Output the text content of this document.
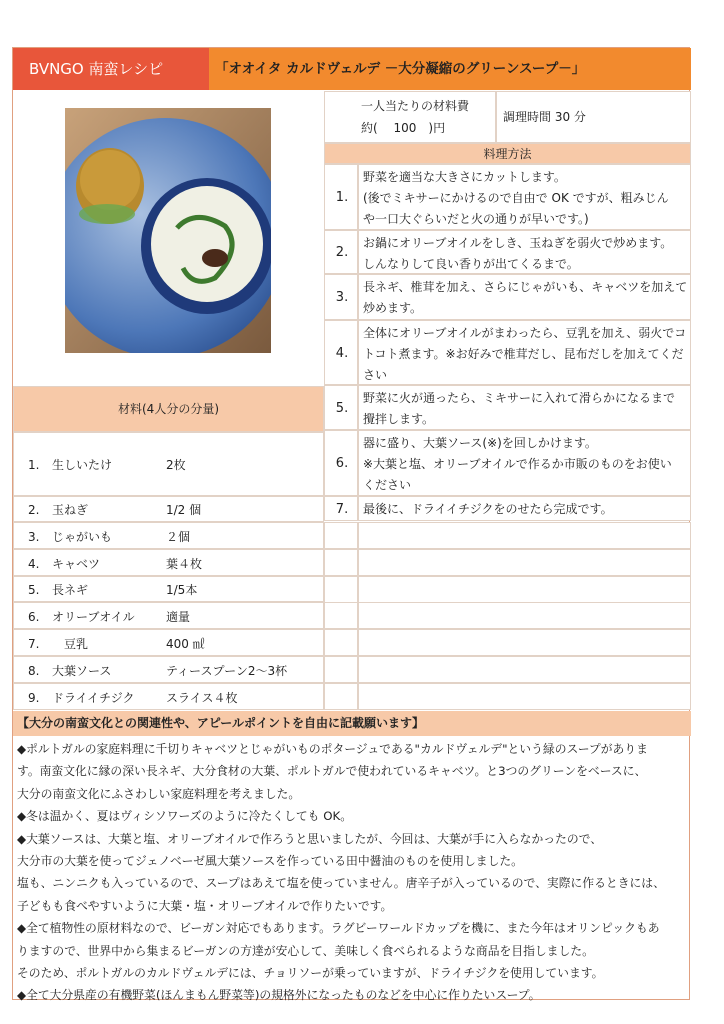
BVNGO 南蛮レシピ	「オオイタ カルドヴェルデ －大分凝縮のグリーンスープ－」
一人当たりの材料費
約(　 100　)円
調理時間 30 分
料理方法
1.
野菜を適当な大きさにカットします。
(後でミキサーにかけるので自由で OK ですが、粗みじん
や一口大ぐらいだと火の通りが早いです。)
2.
お鍋にオリーブオイルをしき、玉ねぎを弱火で炒めます。
しんなりして良い香りが出てくるまで。
3.
長ネギ、椎茸を加え、さらにじゃがいも、キャベツを加えて
炒めます。
4.
全体にオリーブオイルがまわったら、豆乳を加え、弱火でコ
トコト煮ます。※お好みで椎茸だし、昆布だしを加えてくだ
さい
5.
野菜に火が通ったら、ミキサーに入れて滑らかになるまで
攪拌します。
6.
器に盛り、大葉ソース(※)を回しかけます。
※大葉と塩、オリーブオイルで作るか市販のものをお使い
ください
7.	最後に、ドライイチジクをのせたら完成です。
材料(4人分の分量)
1. 生しいたけ	2枚
2. 玉ねぎ	1/2 個
3. じゃがいも	２個
4. キャベツ	葉４枚
5. 長ネギ	1/5本
6. オリーブオイル	適量
7. 　豆乳	400 ㎖
8. 大葉ソース	ティースプーン2～3杯
9. ドライイチジク	スライス４枚
【大分の南蛮文化との関連性や、アピールポイントを自由に記載願います】

◆ポルトガルの家庭料理に千切りキャベツとじゃがいものポタージュである"カルドヴェルデ"という緑のスープがありま

す。南蛮文化に縁の深い長ネギ、大分食材の大葉、ポルトガルで使われているキャベツ。と3つのグリーンをベースに、

大分の南蛮文化にふさわしい家庭料理を考えました。

◆冬は温かく、夏はヴィシソワーズのように冷たくしても OK。

◆大葉ソースは、大葉と塩、オリーブオイルで作ろうと思いましたが、今回は、大葉が手に入らなかったので、

大分市の大葉を使ってジェノベーゼ風大葉ソースを作っている田中醤油のものを使用しました。

塩も、ニンニクも入っているので、スープはあえて塩を使っていません。唐辛子が入っているので、実際に作るときには、

子どもも食べやすいように大葉・塩・オリーブオイルで作りたいです。

◆全て植物性の原材料なので、ビーガン対応でもあります。ラグビーワールドカップを機に、また今年はオリンピックもあ

りますので、世界中から集まるビーガンの方達が安心して、美味しく食べられるような商品を目指しました。

そのため、ポルトガルのカルドヴェルデには、チョリソーが乗っていますが、ドライチジクを使用しています。

◆全て大分県産の有機野菜(ほんまもん野菜等)の規格外になったものなどを中心に作りたいスープ。
